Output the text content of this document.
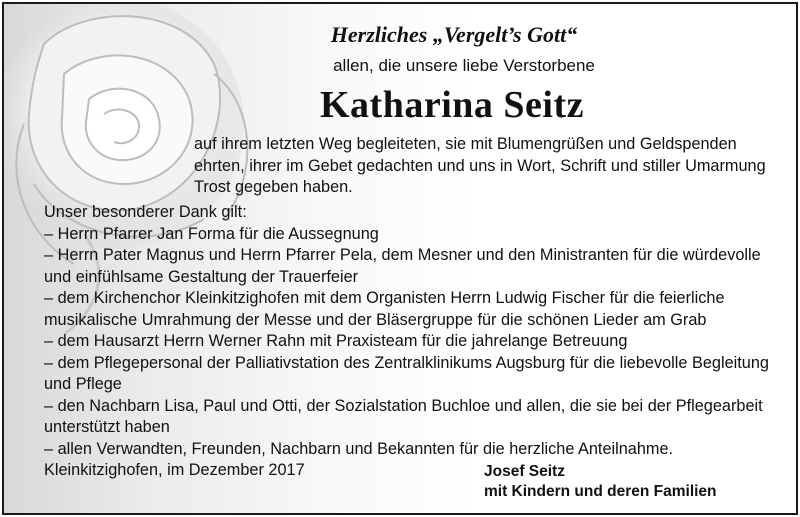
Herzliches „Vergelt’s Gott“
allen, die unsere liebe Verstorbene
Katharina Seitz
auf ihrem letzten Weg begleiteten, sie mit Blumengrüßen und Geldspenden ehrten, ihrer im Gebet gedachten und uns in Wort, Schrift und stiller Umarmung Trost gegeben haben.
Unser besonderer Dank gilt:
– Herrn Pfarrer Jan Forma für die Aussegnung
– Herrn Pater Magnus und Herrn Pfarrer Pela, dem Mesner und den Ministranten für die würdevolle und einfühlsame Gestaltung der Trauerfeier
– dem Kirchenchor Kleinkitzighofen mit dem Organisten Herrn Ludwig Fischer für die feierliche musikalische Umrahmung der Messe und der Bläsergruppe für die schönen Lieder am Grab
– dem Hausarzt Herrn Werner Rahn mit Praxisteam für die jahrelange Betreuung
– dem Pflegepersonal der Palliativstation des Zentralklinikums Augsburg für die liebevolle Begleitung und Pflege
– den Nachbarn Lisa, Paul und Otti, der Sozialstation Buchloe und allen, die sie bei der Pflegearbeit unterstützt haben
– allen Verwandten, Freunden, Nachbarn und Bekannten für die herzliche Anteilnahme.
Kleinkitzighofen, im Dezember 2017	Josef Seitz
mit Kindern und deren Familien
